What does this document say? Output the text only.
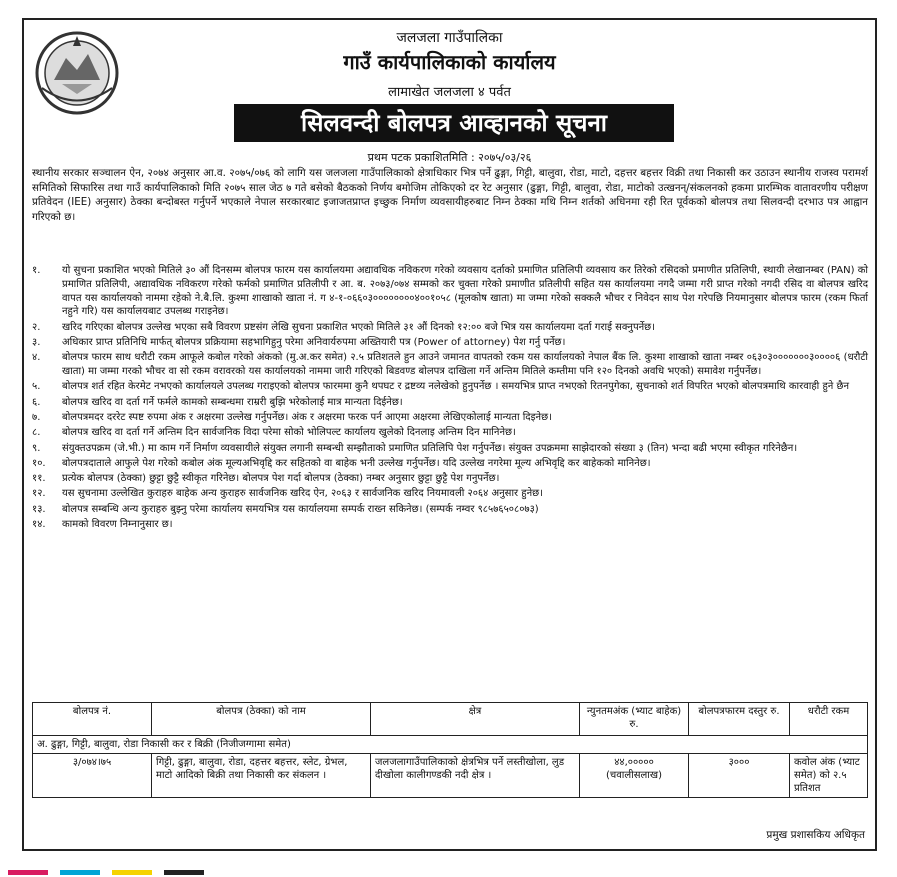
जलजला गाउँपालिका
गाउँ कार्यपालिकाको कार्यालय
लामाखेत जलजला ४ पर्वत
सिलवन्दी बोलपत्र आव्हानको सूचना
प्रथम पटक प्रकाशितमिति : २०७५/०३/२६
स्थानीय सरकार सञ्चालन ऐन, २०७४ अनुसार आ.व. २०७५/०७६ को लागि यस जलजला गाउँपालिकाको क्षेत्राधिकार भित्र पर्ने ढुङ्गा, गिट्टी, बालुवा, रोडा, माटो, दहत्तर बहत्तर विक्री तथा निकासी कर उठाउन स्थानीय राजस्व परामर्श समितिको सिफारिस तथा गाउँ कार्यपालिकाको मिति २०७५ साल जेठ ७ गते बसेको बैठकको निर्णय बमोजिम तोकिएको दर रेट अनुसार (ढुङ्गा, गिट्टी, बालुवा, रोडा, माटोको उत्खनन्/संकलनको हकमा प्रारम्भिक वातावरणीय परीक्षण प्रतिवेदन (IEE) अनुसार) ठेक्का बन्दोबस्त गर्नुपर्ने भएकाले नेपाल सरकारबाट इजाजतप्राप्त इच्छुक निर्माण व्यवसायीहरुबाट निम्न ठेक्का मथि निम्न शर्तको अधिनमा रही रित पूर्वकको बोलपत्र तथा सिलवन्दी दरभाउ पत्र आह्वान गरिएको छ।
१.	यो सुचना प्रकाशित भएको मितिले ३० औं दिनसम्म बोलपत्र फारम यस कार्यालयमा अद्यावधिक नविकरण गरेको व्यवसाय दर्ताको प्रमाणित प्रतिलिपी व्यवसाय कर तिरेको रसिदको प्रमाणीत प्रतिलिपी, स्थायी लेखानम्बर (PAN) को प्रमाणित प्रतिलिपी, अद्यावधिक नविकरण गरेको फर्मको प्रमाणित प्रतिलीपी र आ. ब. २०७३/०७४ सम्मको कर चुक्ता गरेको प्रमाणीत प्रतिलीपी सहित यस कार्यालयमा नगदै जम्मा गरी प्राप्त गरेको नगदी रसिद वा बोलपत्र खरिद वापत यस कार्यालयको नाममा रहेको ने.बै.लि. कुश्मा शाखाको खाता नं. ग ४-१-०६६०३००००००००४००१०५८ (मूलकोष खाता) मा जम्मा गरेको सक्कलै भौचर र निवेदन साथ पेश गरेपछि नियमानुसार बोलपत्र फारम (रकम फिर्ता नहुने गरि) यस कार्यालयबाट उपलब्ध गराइनेछ।
२.	खरिद गरिएका बोलपत्र उल्लेख भएका सबै विवरण प्रष्टसंग लेखि सुचना प्रकाशित भएको मितिले ३१ औं दिनको १२:०० बजे भित्र यस कार्यालयमा दर्ता गराई सक्नुपर्नेछ।
३.	अधिकार प्राप्त प्रतिनिधि मार्फत् बोलपत्र प्रक्रियामा सहभागिहुनु परेमा अनिवार्यरुपमा अख्तियारी पत्र (Power of attorney) पेश गर्नु पर्नेछ।
४.	बोलपत्र फारम साथ धरौटी रकम आफूले कबोल गरेको अंकको (मु.अ.कर समेत) २.५ प्रतिशतले हुन आउने जमानत वापतको रकम यस कार्यालयको नेपाल बैंक लि. कुश्मा शाखाको खाता नम्बर ०६३०३०००००००३००००६ (धरौटी खाता) मा जम्मा गरको भौचर वा सो रकम वरावरको यस कार्यालयको नाममा जारी गरिएको बिडवण्ड बोलपत्र दाखिला गर्ने अन्तिम मितिले कम्तीमा पनि १२० दिनको अवधि भएको) समावेश गर्नुपर्नेछ।
५.	बोलपत्र शर्त रहित केरमेट नभएको कार्यालयले उपलब्ध गराइएको बोलपत्र फारममा कुनै थपघट र द्रष्टव्य नलेखेको हुनुपर्नेछ । समयभित्र प्राप्त नभएको रितनपुगेका, सुचनाको शर्त विपरित भएको बोलपत्रमाथि कारवाही हुने छैन
६.	बोलपत्र खरिद वा दर्ता गर्ने फर्मले कामको सम्बन्धमा राम्ररी बुझि भरेकोलाई मात्र मान्यता दिईनेछ।
७.	बोलपत्रमदर दररेट स्पष्ट रुपमा अंक र अक्षरमा उल्लेख गर्नुपर्नेछ। अंक र अक्षरमा फरक पर्न आएमा अक्षरमा लेखिएकोलाई मान्यता दिइनेछ।
८.	बोलपत्र खरिद वा दर्ता गर्ने अन्तिम दिन सार्वजनिक विदा परेमा सोको भोलिपल्ट कार्यालय खुलेको दिनलाइ अन्तिम दिन मानिनेछ।
९.	संयुक्तउपक्रम (जे.भी.) मा काम गर्ने निर्माण व्यवसायीले संयुक्त लगानी सम्बन्धी सम्झौताको प्रमाणित प्रतिलिपि पेश गर्नुपर्नेछ। संयुक्त उपक्रममा साझेदारको संख्या ३ (तिन) भन्दा बढी भएमा स्वीकृत गरिनेछैन।
१०.	बोलपत्रदाताले आफुले पेश गरेको कबोल अंक मूल्यअभिवृद्दि कर सहितको वा बाहेक भनी उल्लेख गर्नुपर्नेछ। यदि उल्लेख नगरेमा मूल्य अभिवृद्दि कर बाहेकको मानिनेछ।
११.	प्रत्येक बोलपत्र (ठेक्का) छुट्टा छुट्टै स्वीकृत गरिनेछ। बोलपत्र पेश गर्दा बोलपत्र (ठेक्का) नम्बर अनुसार छुट्टा छुट्टै पेश गनुपर्नेछ।
१२.	यस सुचनामा उल्लेखित कुराहरु बाहेक अन्य कुराहरु सार्वजनिक खरिद ऐन, २०६३ र सार्वजनिक खरिद नियमावली २०६४ अनुसार हुनेछ।
१३.	बोलपत्र सम्बन्धि अन्य कुराहरु बुझ्नु परेमा कार्यालय समयभित्र यस कार्यालयमा सम्पर्क राख्न सकिनेछ। (सम्पर्क नम्वर ९८५७६५०८०७३)
१४.	कामको विवरण निम्नानुसार छ।
बोलपत्र नं.	बोलपत्र (ठेक्का) को नाम	क्षेत्र	न्युनतमअंक (भ्याट बाहेक) रु.	बोलपत्रफारम दस्तुर रु.	धरौटी रकम
अ. ढुङ्गा, गिट्टी, बालुवा, रोडा निकासी कर र बिक्री (निजीजग्गामा समेत)					
३/०७४।७५	गिट्टी, ढुङ्गा, बालुवा, रोडा, दहत्तर बहत्तर, स्लेट, ग्रेभल, माटो आदिको बिक्री तथा निकासी कर संकलन ।	जलजलागाउँपालिकाको क्षेत्रभित्र पर्ने लस्तीखोला, लुड दीखोला कालीगण्डकी नदी क्षेत्र ।	४४,०००००
(चवालीसलाख)	३०००	कवोल अंक (भ्याट समेत) को २.५ प्रतिशत
प्रमुख प्रशासकिय अधिकृत
